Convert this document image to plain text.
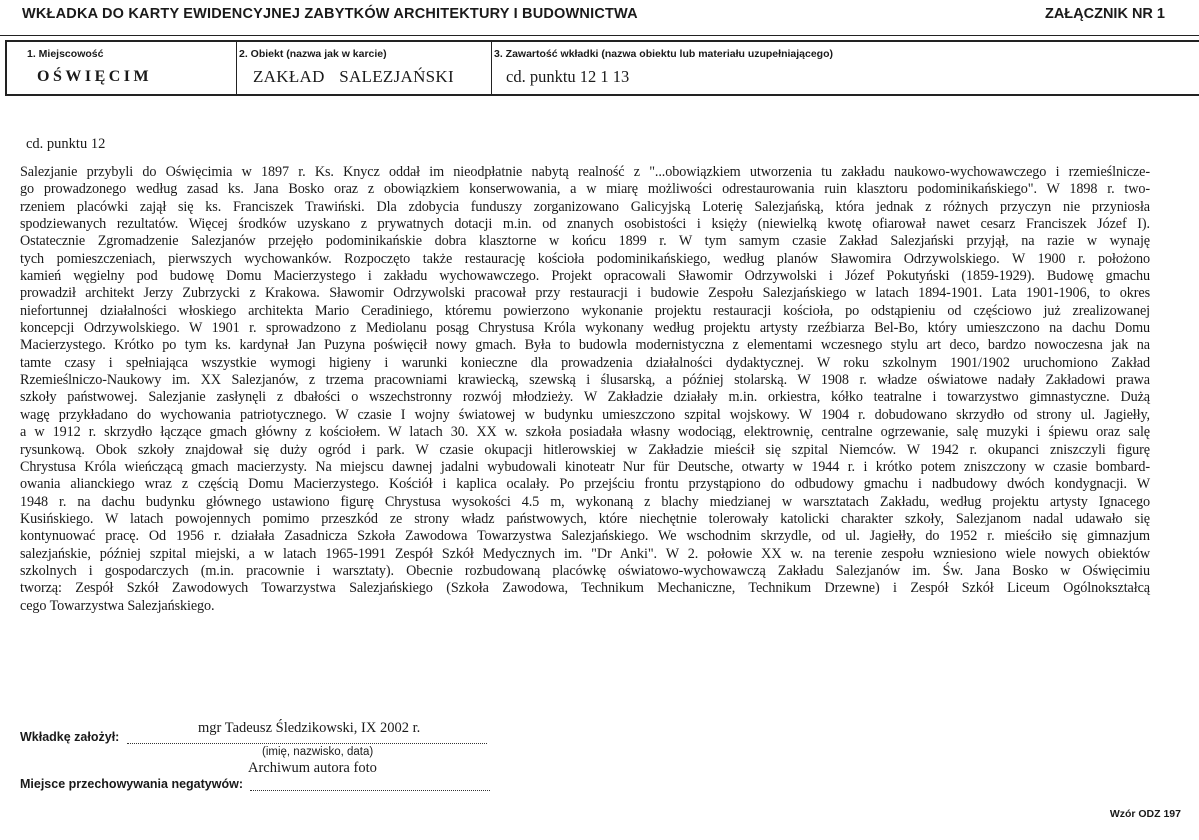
WKŁADKA DO KARTY EWIDENCYJNEJ ZABYTKÓW ARCHITEKTURY I BUDOWNICTWA	ZAŁĄCZNIK NR 1
1. Miejscowość
OŚWIĘCIM
2. Obiekt (nazwa jak w karcie)
ZAKŁAD SALEZJAŃSKI
3. Zawartość wkładki (nazwa obiektu lub materiału uzupełniającego)
cd. punktu 12 1 13
cd. punktu 12
Salezjanie przybyli do Oświęcimia w 1897 r. Ks. Knycz oddał im nieodpłatnie nabytą realność z "...obowiązkiem utworzenia tu zakładu naukowo-wychowawczego i rzemieślnicze-
go prowadzonego według zasad ks. Jana Bosko oraz z obowiązkiem konserwowania, a w miarę możliwości odrestaurowania ruin klasztoru podominikańskiego". W 1898 r. two-
rzeniem placówki zajął się ks. Franciszek Trawiński. Dla zdobycia funduszy zorganizowano Galicyjską Loterię Salezjańską, która jednak z różnych przyczyn nie przyniosła
spodziewanych rezultatów. Więcej środków uzyskano z prywatnych dotacji m.in. od znanych osobistości i księży (niewielką kwotę ofiarował nawet cesarz Franciszek Józef I).
Ostatecznie Zgromadzenie Salezjanów przejęło podominikańskie dobra klasztorne w końcu 1899 r. W tym samym czasie Zakład Salezjański przyjął, na razie w wynaję
tych pomieszczeniach, pierwszych wychowanków. Rozpoczęto także restaurację kościoła podominikańskiego, według planów Sławomira Odrzywolskiego. W 1900 r. położono
kamień węgielny pod budowę Domu Macierzystego i zakładu wychowawczego. Projekt opracowali Sławomir Odrzywolski i Józef Pokutyński (1859-1929). Budowę gmachu
prowadził architekt Jerzy Zubrzycki z Krakowa. Sławomir Odrzywolski pracował przy restauracji i budowie Zespołu Salezjańskiego w latach 1894-1901. Lata 1901-1906, to okres
niefortunnej działalności włoskiego architekta Mario Ceradiniego, któremu powierzono wykonanie projektu restauracji kościoła, po odstąpieniu od częściowo już zrealizowanej
koncepcji Odrzywolskiego. W 1901 r. sprowadzono z Mediolanu posąg Chrystusa Króla wykonany według projektu artysty rzeźbiarza Bel-Bo, który umieszczono na dachu Domu
Macierzystego. Krótko po tym ks. kardynał Jan Puzyna poświęcił nowy gmach. Była to budowla modernistyczna z elementami wczesnego stylu art deco, bardzo nowoczesna jak na
tamte czasy i spełniająca wszystkie wymogi higieny i warunki konieczne dla prowadzenia działalności dydaktycznej. W roku szkolnym 1901/1902 uruchomiono Zakład
Rzemieślniczo-Naukowy im. XX Salezjanów, z trzema pracowniami krawiecką, szewską i ślusarską, a później stolarską. W 1908 r. władze oświatowe nadały Zakładowi prawa
szkoły państwowej. Salezjanie zasłynęli z dbałości o wszechstronny rozwój młodzieży. W Zakładzie działały m.in. orkiestra, kółko teatralne i towarzystwo gimnastyczne. Dużą
wagę przykładano do wychowania patriotycznego. W czasie I wojny światowej w budynku umieszczono szpital wojskowy. W 1904 r. dobudowano skrzydło od strony ul. Jagiełły,
a w 1912 r. skrzydło łączące gmach główny z kościołem. W latach 30. XX w. szkoła posiadała własny wodociąg, elektrownię, centralne ogrzewanie, salę muzyki i śpiewu oraz salę
rysunkową. Obok szkoły znajdował się duży ogród i park. W czasie okupacji hitlerowskiej w Zakładzie mieścił się szpital Niemców. W 1942 r. okupanci zniszczyli figurę
Chrystusa Króla wieńczącą gmach macierzysty. Na miejscu dawnej jadalni wybudowali kinoteatr Nur für Deutsche, otwarty w 1944 r. i krótko potem zniszczony w czasie bombard-
owania alianckiego wraz z częścią Domu Macierzystego. Kościół i kaplica ocalały. Po przejściu frontu przystąpiono do odbudowy gmachu i nadbudowy dwóch kondygnacji. W
1948 r. na dachu budynku głównego ustawiono figurę Chrystusa wysokości 4.5 m, wykonaną z blachy miedzianej w warsztatach Zakładu, według projektu artysty Ignacego
Kusińskiego. W latach powojennych pomimo przeszkód ze strony władz państwowych, które niechętnie tolerowały katolicki charakter szkoły, Salezjanom nadal udawało się
kontynuować pracę. Od 1956 r. działała Zasadnicza Szkoła Zawodowa Towarzystwa Salezjańskiego. We wschodnim skrzydle, od ul. Jagiełły, do 1952 r. mieściło się gimnazjum
salezjańskie, później szpital miejski, a w latach 1965-1991 Zespół Szkół Medycznych im. "Dr Anki". W 2. połowie XX w. na terenie zespołu wzniesiono wiele nowych obiektów
szkolnych i gospodarczych (m.in. pracownie i warsztaty). Obecnie rozbudowaną placówkę oświatowo-wychowawczą Zakładu Salezjanów im. Św. Jana Bosko w Oświęcimiu
tworzą: Zespół Szkół Zawodowych Towarzystwa Salezjańskiego (Szkoła Zawodowa, Technikum Mechaniczne, Technikum Drzewne) i Zespół Szkół Liceum Ogólnokształcą
cego Towarzystwa Salezjańskiego.
Wkładkę założył:
mgr Tadeusz Śledzikowski, IX 2002 r.
(imię, nazwisko, data)
Archiwum autora foto
Miejsce przechowywania negatywów:
Wzór ODZ 197
